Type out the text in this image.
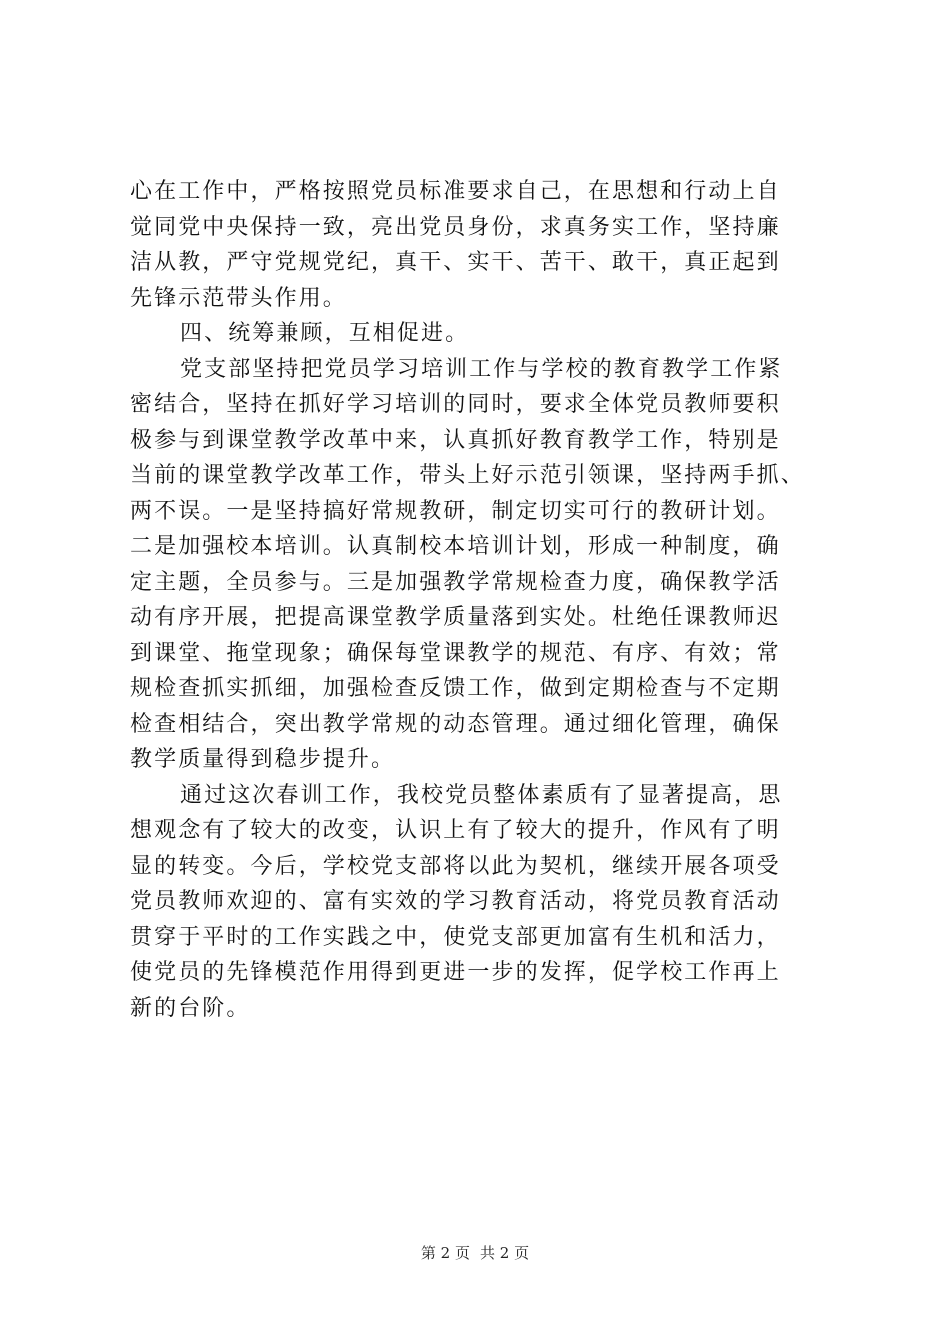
心在工作中，严格按照党员标准要求自己，在思想和行动上自
觉同党中央保持一致，亮出党员身份，求真务实工作，坚持廉
洁从教，严守党规党纪，真干、实干、苦干、敢干，真正起到
先锋示范带头作用。
四、统筹兼顾，互相促进。
党支部坚持把党员学习培训工作与学校的教育教学工作紧
密结合，坚持在抓好学习培训的同时，要求全体党员教师要积
极参与到课堂教学改革中来，认真抓好教育教学工作，特别是
当前的课堂教学改革工作，带头上好示范引领课，坚持两手抓、
两不误。一是坚持搞好常规教研，制定切实可行的教研计划。
二是加强校本培训。认真制校本培训计划，形成一种制度，确
定主题，全员参与。三是加强教学常规检查力度，确保教学活
动有序开展，把提高课堂教学质量落到实处。杜绝任课教师迟
到课堂、拖堂现象；确保每堂课教学的规范、有序、有效；常
规检查抓实抓细，加强检查反馈工作，做到定期检查与不定期
检查相结合，突出教学常规的动态管理。通过细化管理，确保
教学质量得到稳步提升。
通过这次春训工作，我校党员整体素质有了显著提高，思
想观念有了较大的改变，认识上有了较大的提升，作风有了明
显的转变。今后，学校党支部将以此为契机，继续开展各项受
党员教师欢迎的、富有实效的学习教育活动，将党员教育活动
贯穿于平时的工作实践之中，使党支部更加富有生机和活力，
使党员的先锋模范作用得到更进一步的发挥，促学校工作再上
新的台阶。
第 2 页 共 2 页
